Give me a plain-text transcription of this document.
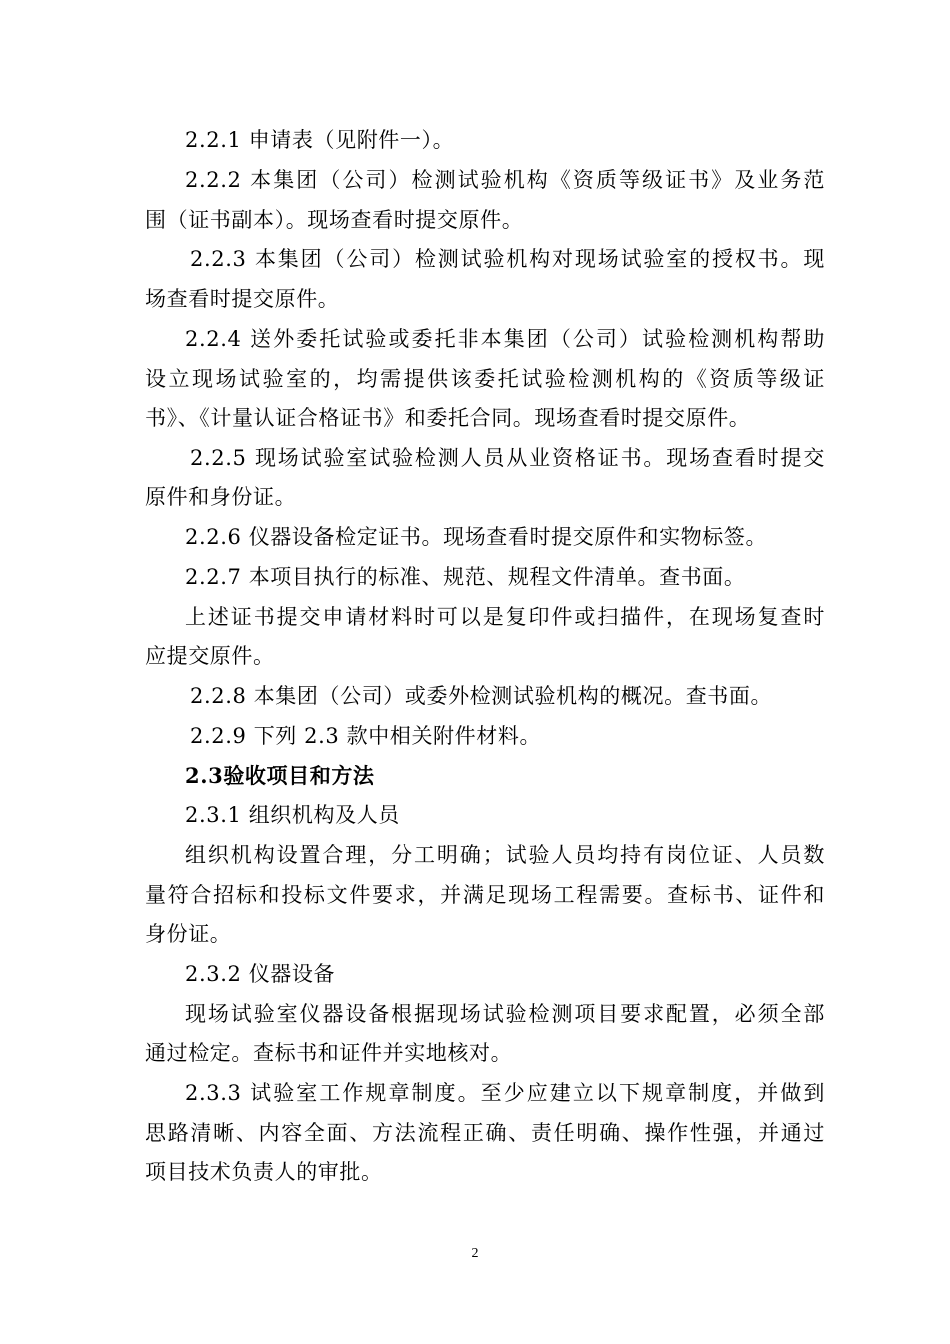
2.2.1 申请表（见附件一）。
2.2.2 本集团（公司）检测试验机构《资质等级证书》及业务范
围（证书副本）。现场查看时提交原件。
2.2.3 本集团（公司）检测试验机构对现场试验室的授权书。现
场查看时提交原件。
2.2.4 送外委托试验或委托非本集团（公司）试验检测机构帮助
设立现场试验室的，均需提供该委托试验检测机构的《资质等级证
书》、《计量认证合格证书》和委托合同。现场查看时提交原件。
2.2.5 现场试验室试验检测人员从业资格证书。现场查看时提交
原件和身份证。
2.2.6 仪器设备检定证书。现场查看时提交原件和实物标签。
2.2.7 本项目执行的标准、规范、规程文件清单。查书面。
上述证书提交申请材料时可以是复印件或扫描件，在现场复查时
应提交原件。
2.2.8 本集团（公司）或委外检测试验机构的概况。查书面。
2.2.9 下列 2.3 款中相关附件材料。
2.3验收项目和方法
2.3.1 组织机构及人员
组织机构设置合理，分工明确；试验人员均持有岗位证、人员数
量符合招标和投标文件要求，并满足现场工程需要。查标书、证件和
身份证。
2.3.2 仪器设备
现场试验室仪器设备根据现场试验检测项目要求配置，必须全部
通过检定。查标书和证件并实地核对。
2.3.3 试验室工作规章制度。至少应建立以下规章制度，并做到
思路清晰、内容全面、方法流程正确、责任明确、操作性强，并通过
项目技术负责人的审批。
2
